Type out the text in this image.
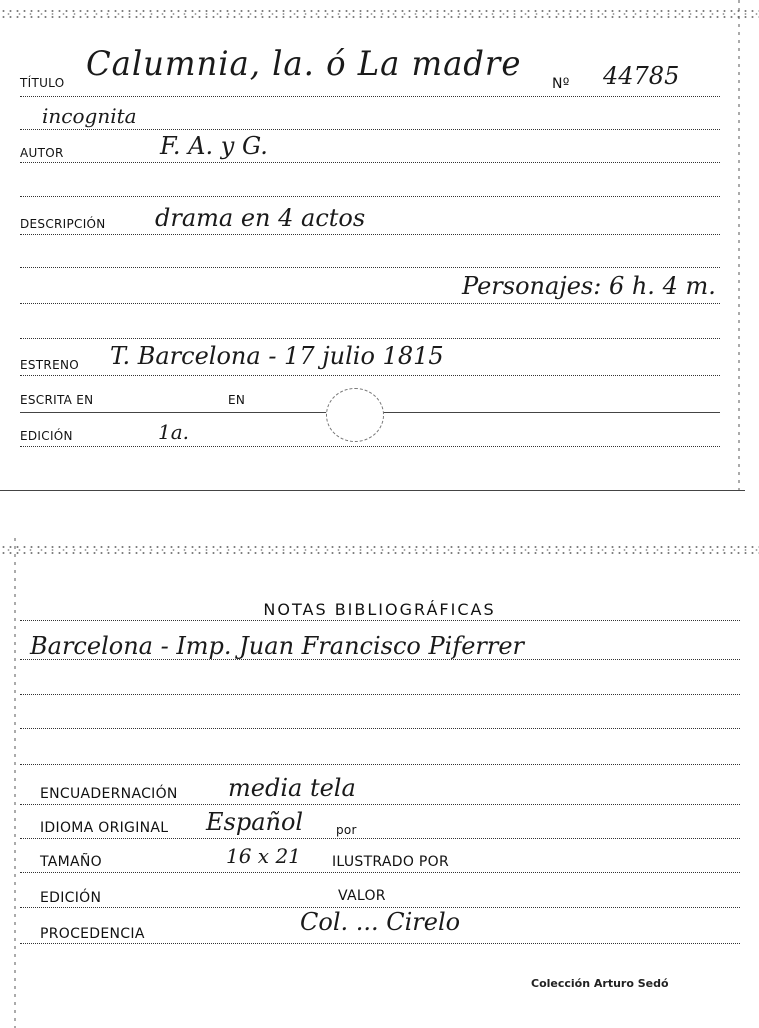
TÍTULO Calumnia, la. ó La madre Nº 44785
incognita
AUTOR	F. A. y G.
DESCRIPCIÓN drama en 4 actos
Personajes: 6 h. 4 m.
ESTRENO T. Barcelona - 17 julio 1815
ESCRITA EN	EN
EDICIÓN	1a.
NOTAS BIBLIOGRÁFICAS
Barcelona - Imp. Juan Francisco Piferrer
ENCUADERNACIÓN media tela
IDIOMA ORIGINAL Español	por
TAMAÑO	16 x 21 ILUSTRADO POR
EDICIÓN	VALOR
PROCEDENCIA	Col. ... Cirelo
Colección Arturo Sedó
